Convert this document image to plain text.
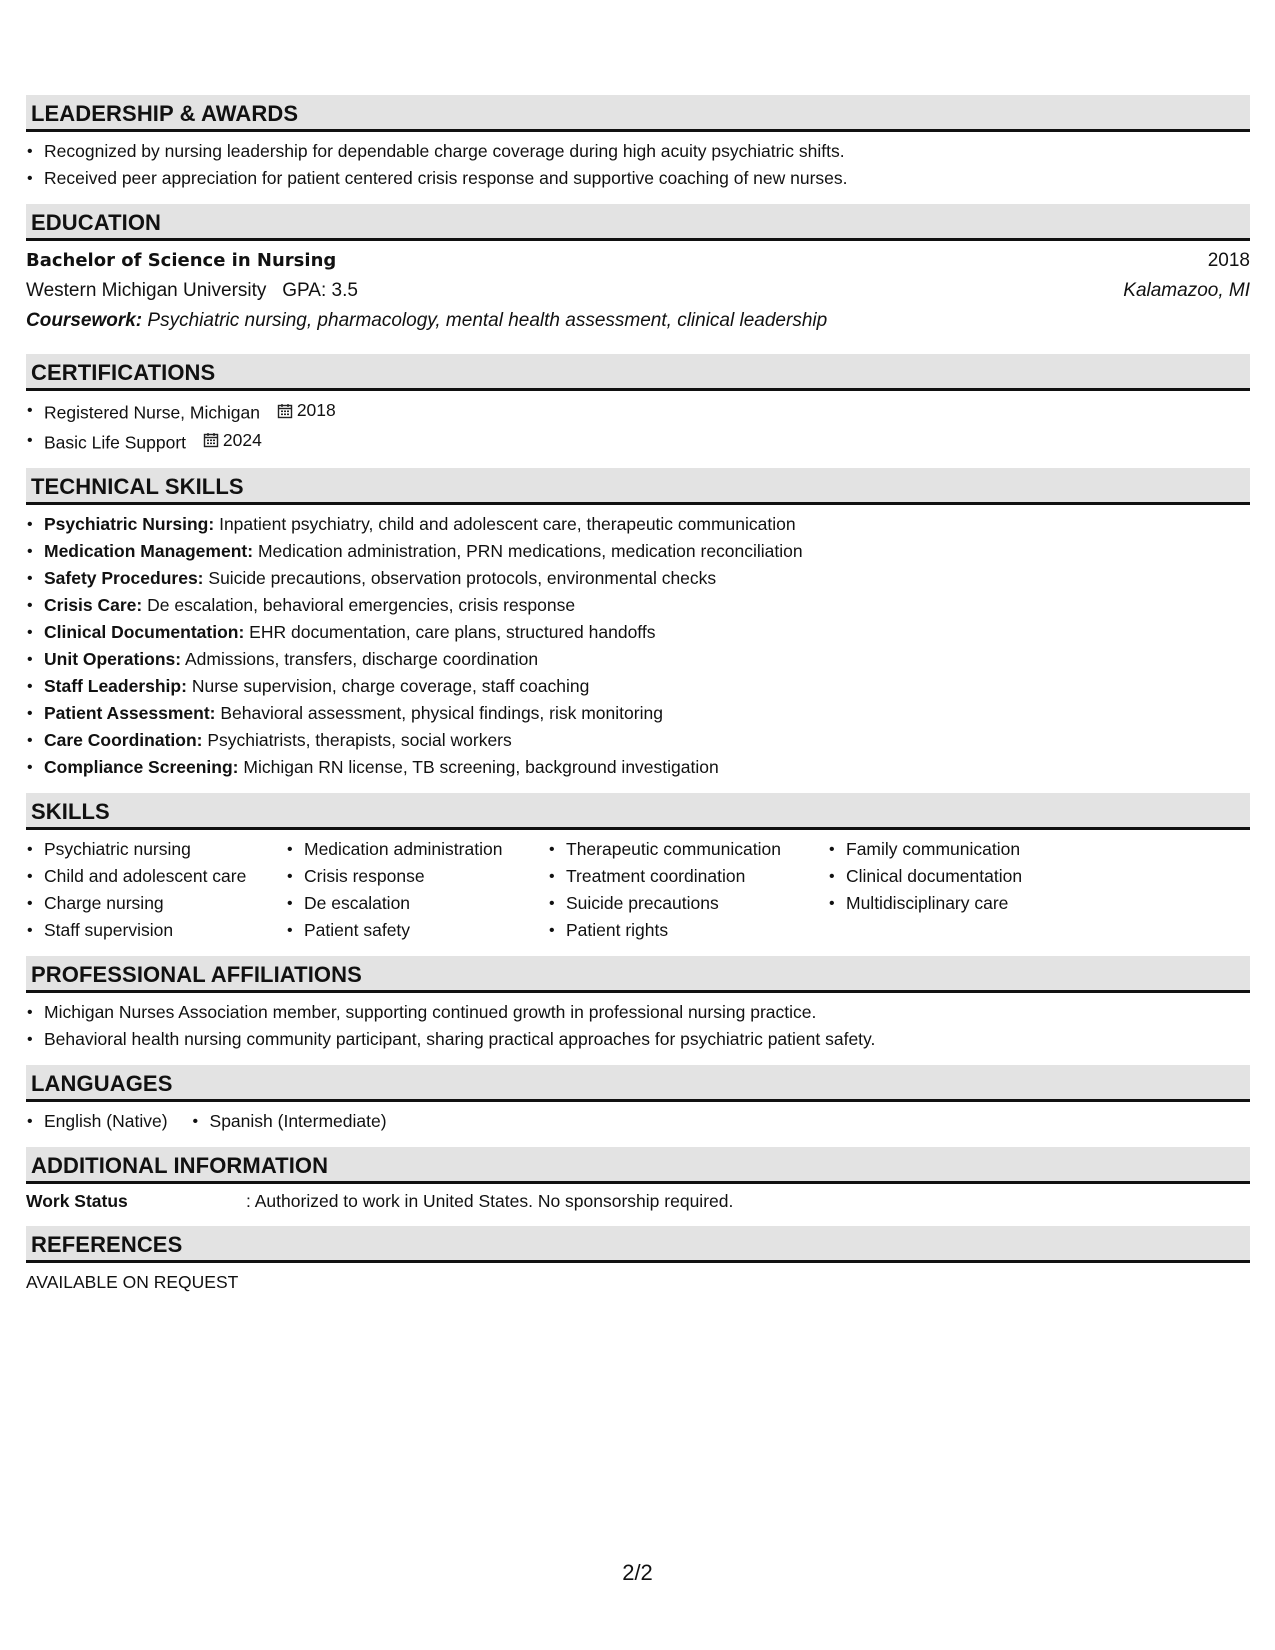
LEADERSHIP & AWARDS
• Recognized by nursing leadership for dependable charge coverage during high acuity psychiatric shifts.
• Received peer appreciation for patient centered crisis response and supportive coaching of new nurses.
EDUCATION
Bachelor of Science in Nursing	2018
Western Michigan University   GPA: 3.5	Kalamazoo, MI
Coursework: Psychiatric nursing, pharmacology, mental health assessment, clinical leadership
CERTIFICATIONS
• Registered Nurse, Michigan 2018
• Basic Life Support 2024
TECHNICAL SKILLS
• Psychiatric Nursing: Inpatient psychiatry, child and adolescent care, therapeutic communication
• Medication Management: Medication administration, PRN medications, medication reconciliation
• Safety Procedures: Suicide precautions, observation protocols, environmental checks
• Crisis Care: De escalation, behavioral emergencies, crisis response
• Clinical Documentation: EHR documentation, care plans, structured handoffs
• Unit Operations: Admissions, transfers, discharge coordination
• Staff Leadership: Nurse supervision, charge coverage, staff coaching
• Patient Assessment: Behavioral assessment, physical findings, risk monitoring
• Care Coordination: Psychiatrists, therapists, social workers
• Compliance Screening: Michigan RN license, TB screening, background investigation
SKILLS
• Psychiatric nursing
• Child and adolescent care
• Charge nursing
• Staff supervision
• Medication administration
• Crisis response
• De escalation
• Patient safety
• Therapeutic communication
• Treatment coordination
• Suicide precautions
• Patient rights
• Family communication
• Clinical documentation
• Multidisciplinary care
PROFESSIONAL AFFILIATIONS
• Michigan Nurses Association member, supporting continued growth in professional nursing practice.
• Behavioral health nursing community participant, sharing practical approaches for psychiatric patient safety.
LANGUAGES
• English (Native)
•	Spanish (Intermediate)
ADDITIONAL INFORMATION
Work Status	: Authorized to work in United States. No sponsorship required.
REFERENCES
AVAILABLE ON REQUEST
2/2
